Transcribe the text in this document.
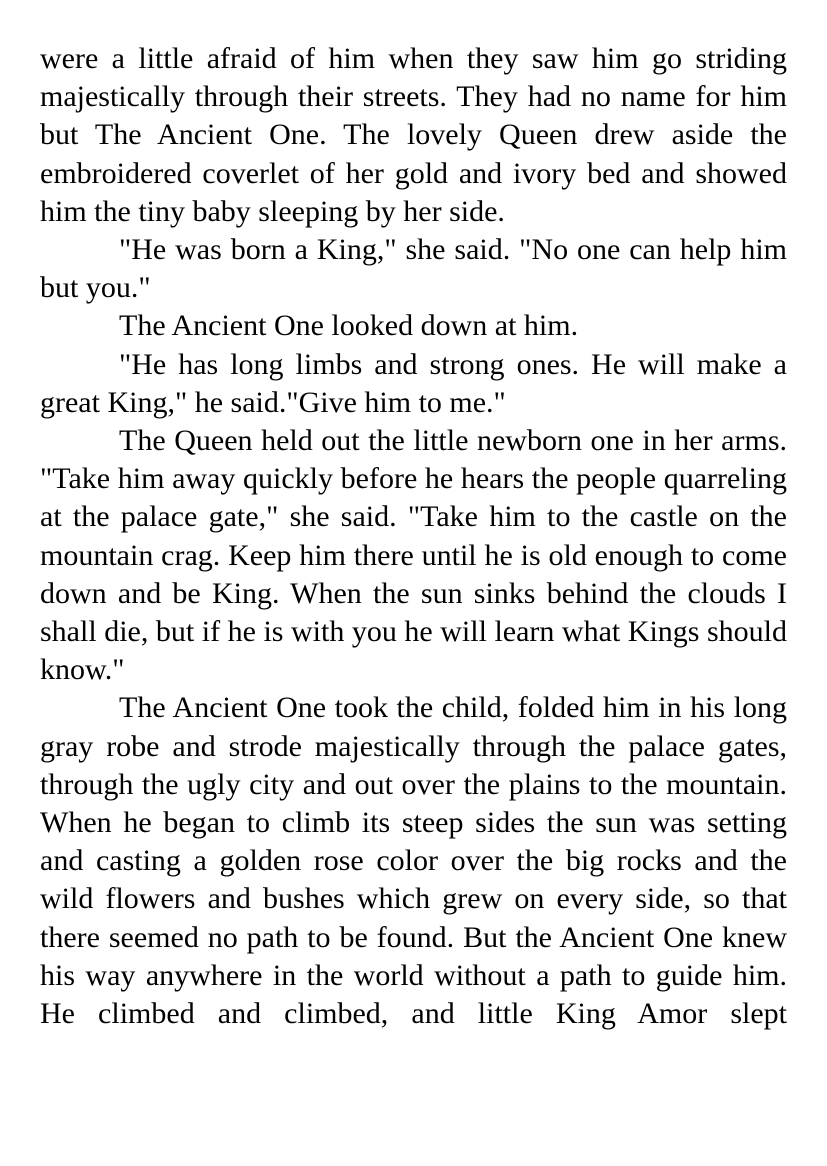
were a little afraid of him when they saw him go striding majestically through their streets. They had no name for him but The Ancient One. The lovely Queen drew aside the embroidered coverlet of her gold and ivory bed and showed him the tiny baby sleeping by her side.

"He was born a King," she said. "No one can help him but you."

The Ancient One looked down at him.

"He has long limbs and strong ones. He will make a great King," he said."Give him to me."

The Queen held out the little newborn one in her arms. "Take him away quickly before he hears the people quarreling at the palace gate," she said. "Take him to the castle on the mountain crag. Keep him there until he is old enough to come down and be King. When the sun sinks behind the clouds I shall die, but if he is with you he will learn what Kings should know."

The Ancient One took the child, folded him in his long gray robe and strode majestically through the palace gates, through the ugly city and out over the plains to the mountain. When he began to climb its steep sides the sun was setting and casting a golden rose color over the big rocks and the wild flowers and bushes which grew on every side, so that there seemed no path to be found. But the Ancient One knew his way anywhere in the world without a path to guide him. He climbed and climbed, and little King Amor slept
